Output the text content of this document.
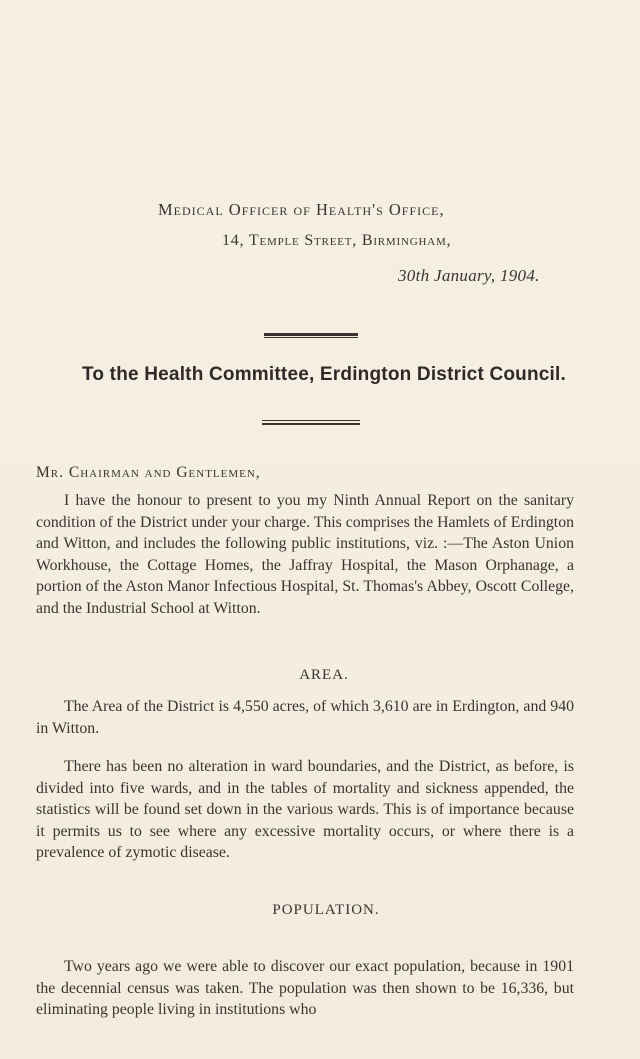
Medical Officer of Health's Office,
14, Temple Street, Birmingham,
30th January, 1904.
To the Health Committee, Erdington District Council.
Mr. Chairman and Gentlemen,

I have the honour to present to you my Ninth Annual Report on the sanitary condition of the District under your charge. This comprises the Hamlets of Erdington and Witton, and includes the following public institutions, viz. :—The Aston Union Workhouse, the Cottage Homes, the Jaffray Hospital, the Mason Orphanage, a portion of the Aston Manor Infectious Hospital, St. Thomas's Abbey, Oscott College, and the Industrial School at Witton.

AREA.

The Area of the District is 4,550 acres, of which 3,610 are in Erdington, and 940 in Witton.

There has been no alteration in ward boundaries, and the District, as before, is divided into five wards, and in the tables of mortality and sickness appended, the statistics will be found set down in the various wards. This is of importance because it permits us to see where any excessive mortality occurs, or where there is a prevalence of zymotic disease.

POPULATION.

Two years ago we were able to discover our exact population, because in 1901 the decennial census was taken. The population was then shown to be 16,336, but eliminating people living in institutions who
